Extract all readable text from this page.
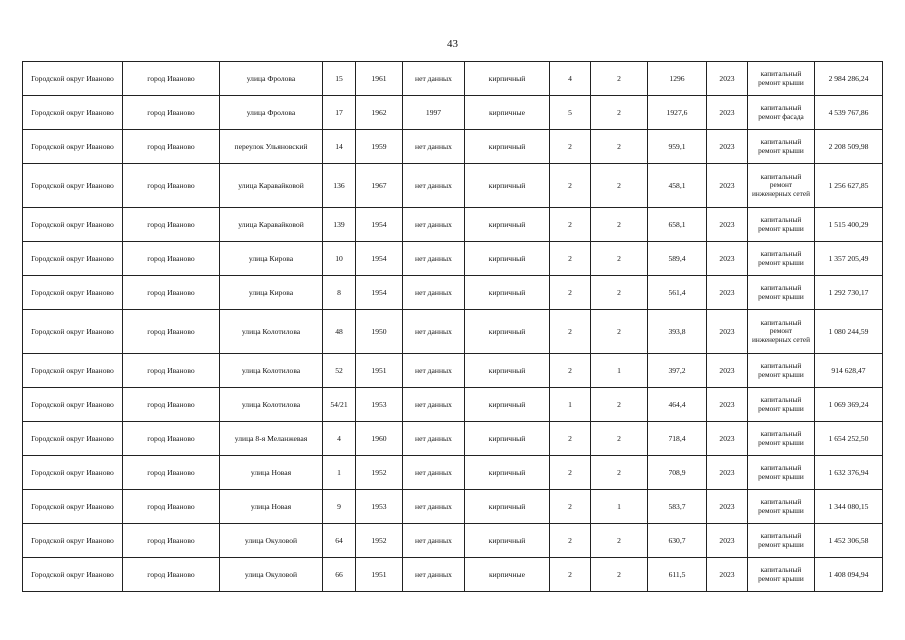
43
Городской округ Иваново	город Иваново	улица Фролова	15	1961	нет данных	кирпичный	4	2	1296	2023	капитальный ремонт крыши	2 984 286,24
Городской округ Иваново	город Иваново	улица Фролова	17	1962	1997	кирпичные	5	2	1927,6	2023	капитальный ремонт фасада	4 539 767,86
Городской округ Иваново	город Иваново	переулок Ульяновский	14	1959	нет данных	кирпичный	2	2	959,1	2023	капитальный ремонт крыши	2 208 509,98
Городской округ Иваново	город Иваново	улица Каравайковой	136	1967	нет данных	кирпичный	2	2	458,1	2023	капитальный ремонт инженерных сетей	1 256 627,85
Городской округ Иваново	город Иваново	улица Каравайковой	139	1954	нет данных	кирпичный	2	2	658,1	2023	капитальный ремонт крыши	1 515 400,29
Городской округ Иваново	город Иваново	улица Кирова	10	1954	нет данных	кирпичный	2	2	589,4	2023	капитальный ремонт крыши	1 357 205,49
Городской округ Иваново	город Иваново	улица Кирова	8	1954	нет данных	кирпичный	2	2	561,4	2023	капитальный ремонт крыши	1 292 730,17
Городской округ Иваново	город Иваново	улица Колотилова	48	1950	нет данных	кирпичный	2	2	393,8	2023	капитальный ремонт инженерных сетей	1 080 244,59
Городской округ Иваново	город Иваново	улица Колотилова	52	1951	нет данных	кирпичный	2	1	397,2	2023	капитальный ремонт крыши	914 628,47
Городской округ Иваново	город Иваново	улица Колотилова	54/21	1953	нет данных	кирпичный	1	2	464,4	2023	капитальный ремонт крыши	1 069 369,24
Городской округ Иваново	город Иваново	улица 8-я Меланжевая	4	1960	нет данных	кирпичный	2	2	718,4	2023	капитальный ремонт крыши	1 654 252,50
Городской округ Иваново	город Иваново	улица Новая	1	1952	нет данных	кирпичный	2	2	708,9	2023	капитальный ремонт крыши	1 632 376,94
Городской округ Иваново	город Иваново	улица Новая	9	1953	нет данных	кирпичный	2	1	583,7	2023	капитальный ремонт крыши	1 344 080,15
Городской округ Иваново	город Иваново	улица Окуловой	64	1952	нет данных	кирпичный	2	2	630,7	2023	капитальный ремонт крыши	1 452 306,58
Городской округ Иваново	город Иваново	улица Окуловой	66	1951	нет данных	кирпичные	2	2	611,5	2023	капитальный ремонт крыши	1 408 094,94
